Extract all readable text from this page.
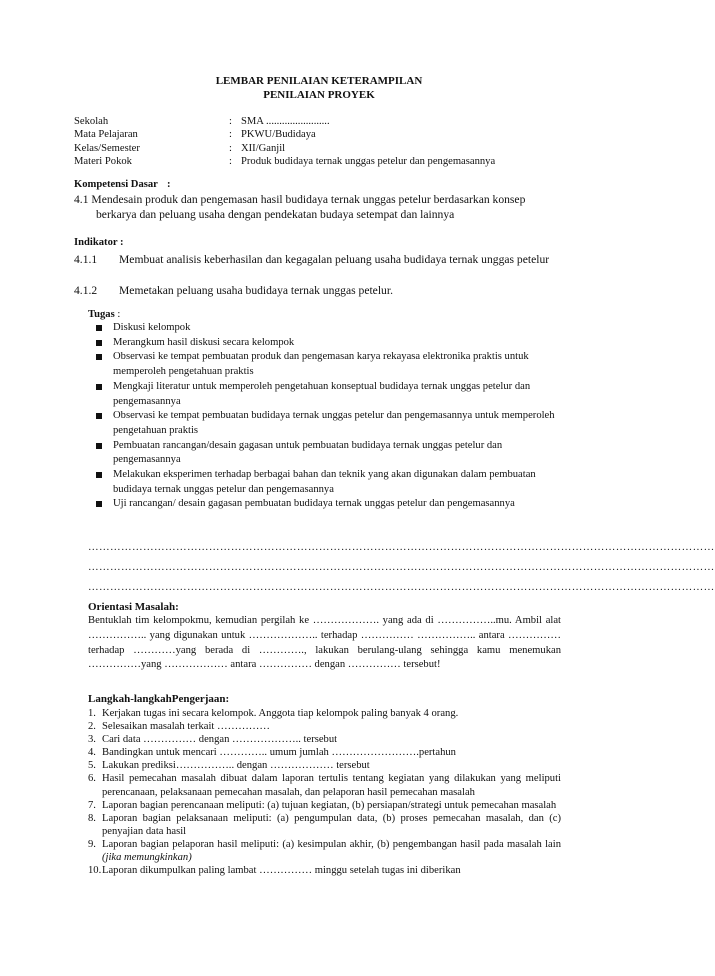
LEMBAR PENILAIAN KETERAMPILAN
PENILAIAN PROYEK
Sekolah	: SMA ........................
Mata Pelajaran	: PKWU/Budidaya
Kelas/Semester	: XII/Ganjil
Materi Pokok	: Produk budidaya ternak unggas petelur dan pengemasannya
Kompetensi Dasar :
4.1 Mendesain produk dan pengemasan hasil budidaya ternak unggas petelur berdasarkan konsep berkarya dan peluang usaha dengan pendekatan budaya setempat dan lainnya
Indikator :
4.1.1 Membuat analisis keberhasilan dan kegagalan peluang usaha budidaya ternak unggas petelur
4.1.2 Memetakan peluang usaha budidaya ternak unggas petelur.
Tugas :
Diskusi kelompok
Merangkum hasil diskusi secara kelompok
Observasi ke tempat pembuatan produk dan pengemasan karya rekayasa elektronika praktis untuk memperoleh pengetahuan praktis
Mengkaji literatur untuk memperoleh pengetahuan konseptual budidaya ternak unggas petelur dan pengemasannya
Observasi ke tempat pembuatan budidaya ternak unggas petelur dan pengemasannya untuk memperoleh pengetahuan praktis
Pembuatan rancangan/desain gagasan untuk pembuatan budidaya ternak unggas petelur dan pengemasannya
Melakukan eksperimen terhadap berbagai bahan dan teknik yang akan digunakan dalam pembuatan budidaya ternak unggas petelur dan pengemasannya
Uji rancangan/ desain gagasan pembuatan budidaya ternak unggas petelur dan pengemasannya
………………………………………………………………………………………………………………………………………………………
………………………………………………………………………………………………………………………………………………………
………………………………………………………………………………………………………………………………………………………
Orientasi Masalah:
Bentuklah tim kelompokmu, kemudian pergilah ke ………………. yang ada di ……………..mu. Ambil alat …………….. yang digunakan untuk ……………….. terhadap …………… …………….. antara …………… terhadap …………yang berada di …………., lakukan berulang-ulang sehingga kamu menemukan ……………yang ……………… antara …………… dengan …………… tersebut!
Langkah-langkahPengerjaan:
1. Kerjakan tugas ini secara kelompok. Anggota tiap kelompok paling banyak 4 orang.
2. Selesaikan masalah terkait ……………
3. Cari data …………… dengan ……………….. tersebut
4. Bandingkan untuk mencari ………….. umum jumlah …………………….pertahun
5. Lakukan prediksi…………….. dengan ……………… tersebut
6. Hasil pemecahan masalah dibuat dalam laporan tertulis tentang kegiatan yang dilakukan yang meliputi perencanaan, pelaksanaan pemecahan masalah, dan pelaporan hasil pemecahan masalah
7. Laporan bagian perencanaan meliputi: (a) tujuan kegiatan, (b) persiapan/strategi untuk pemecahan masalah
8. Laporan bagian pelaksanaan meliputi: (a) pengumpulan data, (b) proses pemecahan masalah, dan (c) penyajian data hasil
9. Laporan bagian pelaporan hasil meliputi: (a) kesimpulan akhir, (b) pengembangan hasil pada masalah lain (jika memungkinkan)
10. Laporan dikumpulkan paling lambat …………… minggu setelah tugas ini diberikan
